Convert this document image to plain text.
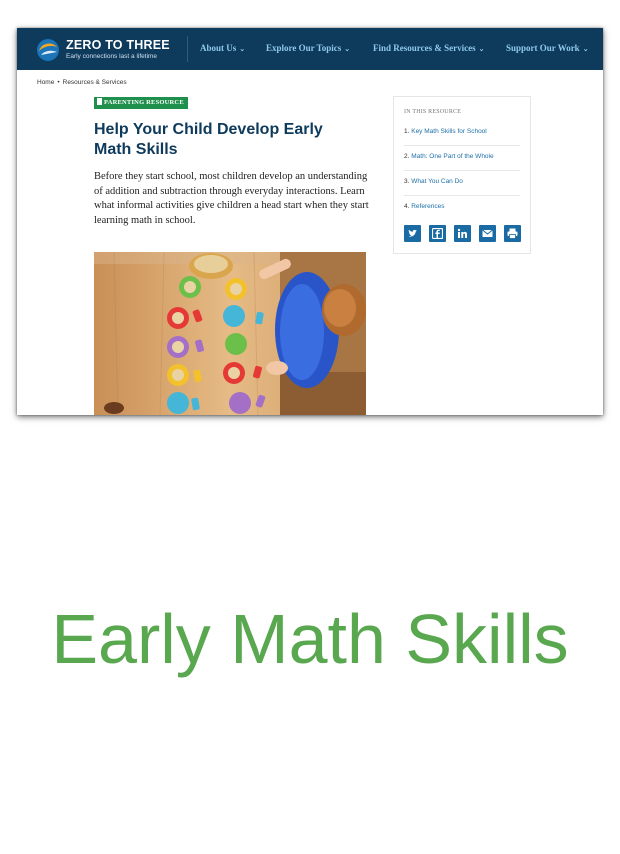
ZERO TO THREE
Early connections last a lifetime
About Us ⌄ Explore Our Topics ⌄	Find Resources & Services ⌄ Support Our Work ⌄
Home • Resources & Services
PARENTING RESOURCE
Help Your Child Develop Early Math Skills

Before they start school, most children develop an understanding of addition and subtraction through everyday interactions. Learn what informal activities give children a head start when they start learning math in school.

IN THIS RESOURCE
1. Key Math Skills for School
2. Math: One Part of the Whole
3. What You Can Do
4. References

Early Math Skills
